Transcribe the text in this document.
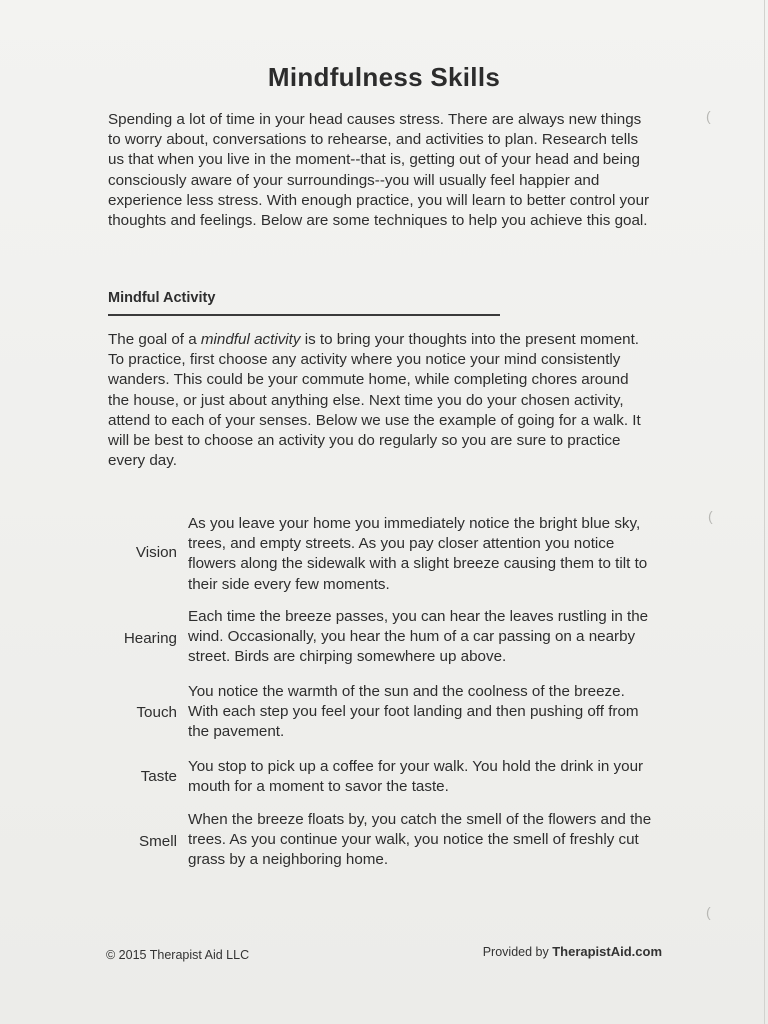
(
(
(
Mindfulness Skills
Spending a lot of time in your head causes stress. There are always new things to worry about, conversations to rehearse, and activities to plan. Research tells us that when you live in the moment--that is, getting out of your head and being consciously aware of your surroundings--you will usually feel happier and experience less stress. With enough practice, you will learn to better control your thoughts and feelings. Below are some techniques to help you achieve this goal.
Mindful Activity
The goal of a mindful activity is to bring your thoughts into the present moment. To practice, first choose any activity where you notice your mind consistently wanders. This could be your commute home, while completing chores around the house, or just about anything else. Next time you do your chosen activity, attend to each of your senses. Below we use the example of going for a walk. It will be best to choose an activity you do regularly so you are sure to practice every day.
Vision
As you leave your home you immediately notice the bright blue sky, trees, and empty streets. As you pay closer attention you notice flowers along the sidewalk with a slight breeze causing them to tilt to their side every few moments.
Hearing
Each time the breeze passes, you can hear the leaves rustling in the wind. Occasionally, you hear the hum of a car passing on a nearby street. Birds are chirping somewhere up above.
Touch
You notice the warmth of the sun and the coolness of the breeze. With each step you feel your foot landing and then pushing off from the pavement.
Taste
You stop to pick up a coffee for your walk. You hold the drink in your mouth for a moment to savor the taste.
Smell
When the breeze floats by, you catch the smell of the flowers and the trees. As you continue your walk, you notice the smell of freshly cut grass by a neighboring home.
© 2015 Therapist Aid LLC	Provided by TherapistAid.com
